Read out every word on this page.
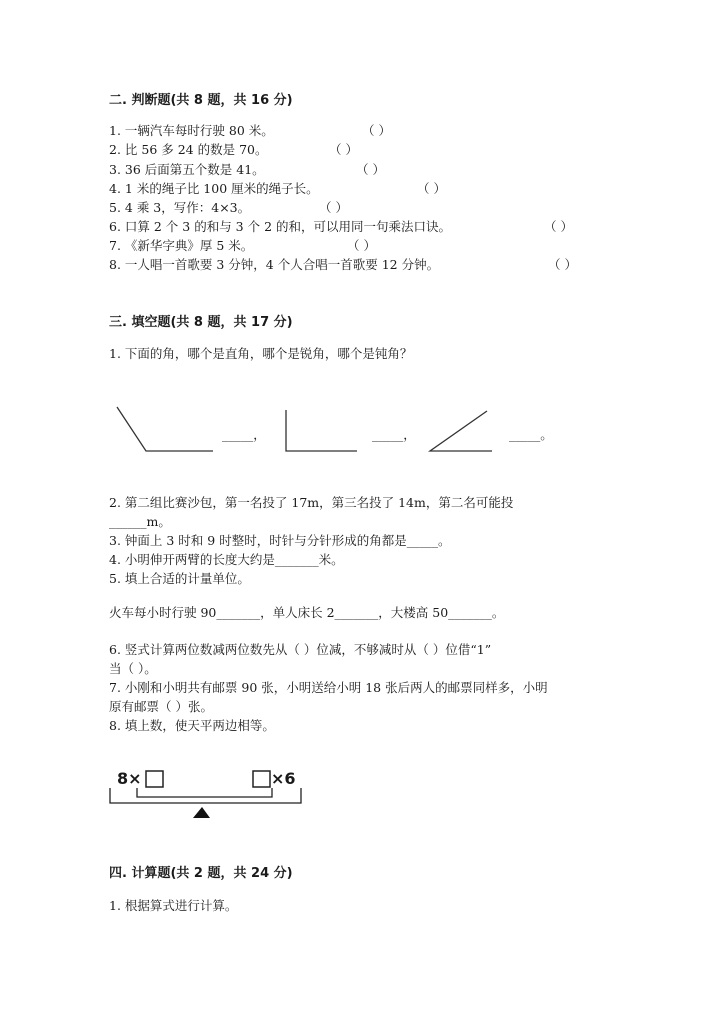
二. 判断题(共 8 题，共 16 分)
1. 一辆汽车每时行驶 80 米。	（ ）
2. 比 56 多 24 的数是 70。	（ ）
3. 36 后面第五个数是 41。	（ ）
4. 1 米的绳子比 100 厘米的绳子长。	（ ）
5. 4 乘 3，写作：4×3。	（ ）
6. 口算 2 个 3 的和与 3 个 2 的和，可以用同一句乘法口诀。	（ ）
7. 《新华字典》厚 5 米。	（ ）
8. 一人唱一首歌要 3 分钟，4 个人合唱一首歌要 12 分钟。	（ ）
三. 填空题(共 8 题，共 17 分)
1. 下面的角，哪个是直角，哪个是锐角，哪个是钝角？
_____，	_____，	_____。
2. 第二组比赛沙包，第一名投了 17m，第三名投了 14m，第二名可能投
______m。
3. 钟面上 3 时和 9 时整时，时针与分针形成的角都是_____。
4. 小明伸开两臂的长度大约是_______米。
5. 填上合适的计量单位。
火车每小时行驶 90_______，单人床长 2_______，大楼高 50_______。
6. 竖式计算两位数减两位数先从（ ）位减，不够减时从（ ）位借“1”
当（ ）。
7. 小刚和小明共有邮票 90 张，小明送给小明 18 张后两人的邮票同样多，小明
原有邮票（ ）张。
8. 填上数，使天平两边相等。
8×	×6
四. 计算题(共 2 题，共 24 分)
1. 根据算式进行计算。
